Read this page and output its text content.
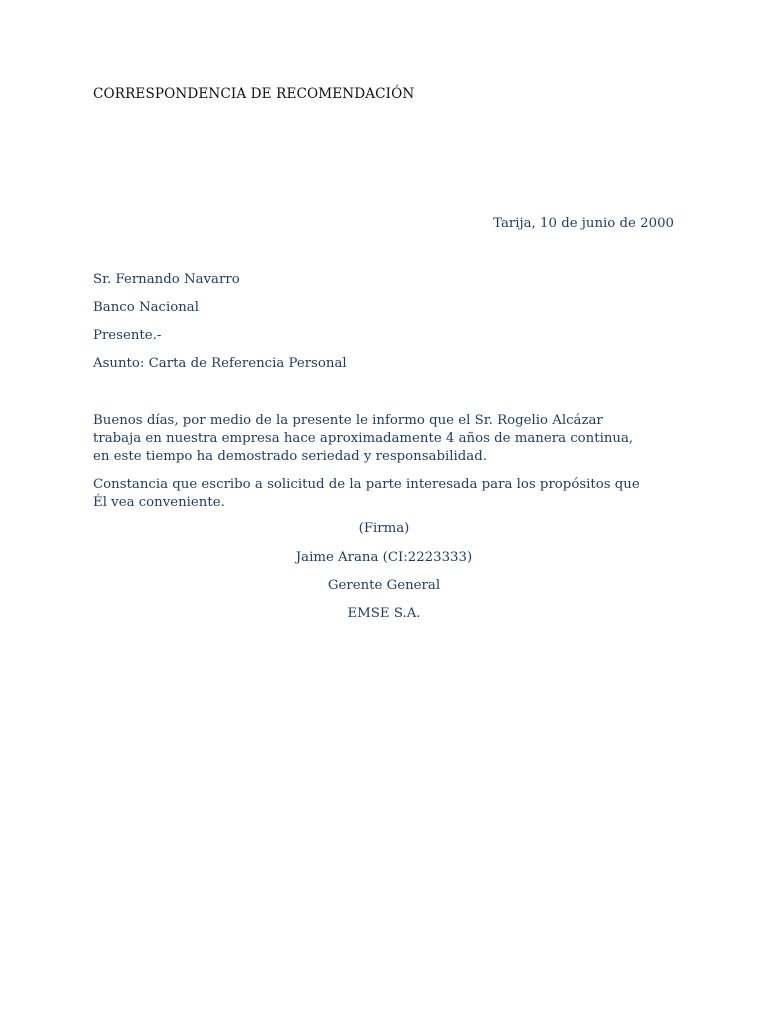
CORRESPONDENCIA DE RECOMENDACIÓN
Tarija, 10 de junio de 2000
Sr. Fernando Navarro
Banco Nacional
Presente.-
Asunto: Carta de Referencia Personal
Buenos días, por medio de la presente le informo que el Sr. Rogelio Alcázar trabaja en nuestra empresa hace aproximadamente 4 años de manera continua, en este tiempo ha demostrado seriedad y responsabilidad.
Constancia que escribo a solicitud de la parte interesada para los propósitos que Él vea conveniente.
(Firma)
Jaime Arana (CI:2223333)
Gerente General
EMSE S.A.
